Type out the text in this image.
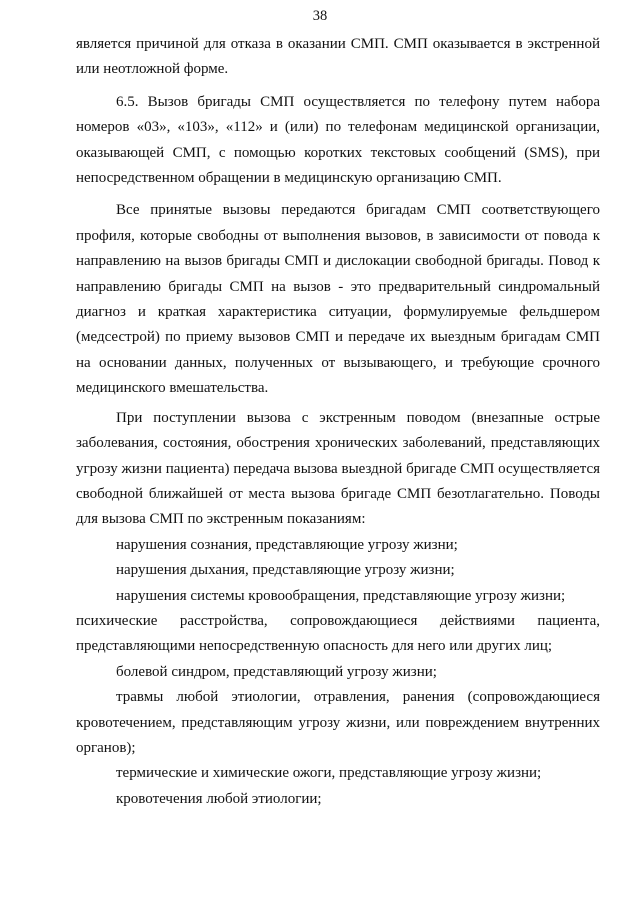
38

является причиной для отказа в оказании СМП. СМП оказывается в экстренной или неотложной форме.

6.5. Вызов бригады СМП осуществляется по телефону путем набора номеров «03», «103», «112» и (или) по телефонам медицинской организации, оказывающей СМП, с помощью коротких текстовых сообщений (SMS), при непосредственном обращении в медицинскую организацию СМП.

Все принятые вызовы передаются бригадам СМП соответствующего профиля, которые свободны от выполнения вызовов, в зависимости от повода к направлению на вызов бригады СМП и дислокации свободной бригады. Повод к направлению бригады СМП на вызов - это предварительный синдромальный диагноз и краткая характеристика ситуации, формулируемые фельдшером (медсестрой) по приему вызовов СМП и передаче их выездным бригадам СМП на основании данных, полученных от вызывающего, и требующие срочного медицинского вмешательства.

При поступлении вызова с экстренным поводом (внезапные острые заболевания, состояния, обострения хронических заболеваний, представляющих угрозу жизни пациента) передача вызова выездной бригаде СМП осуществляется свободной ближайшей от места вызова бригаде СМП безотлагательно. Поводы для вызова СМП по экстренным показаниям:

нарушения сознания, представляющие угрозу жизни;

нарушения дыхания, представляющие угрозу жизни;

нарушения системы кровообращения, представляющие угрозу жизни;

психические расстройства, сопровождающиеся действиями пациента, представляющими непосредственную опасность для него или других лиц;

болевой синдром, представляющий угрозу жизни;

травмы любой этиологии, отравления, ранения (сопровождающиеся кровотечением, представляющим угрозу жизни, или повреждением внутренних органов);

термические и химические ожоги, представляющие угрозу жизни;

кровотечения любой этиологии;
